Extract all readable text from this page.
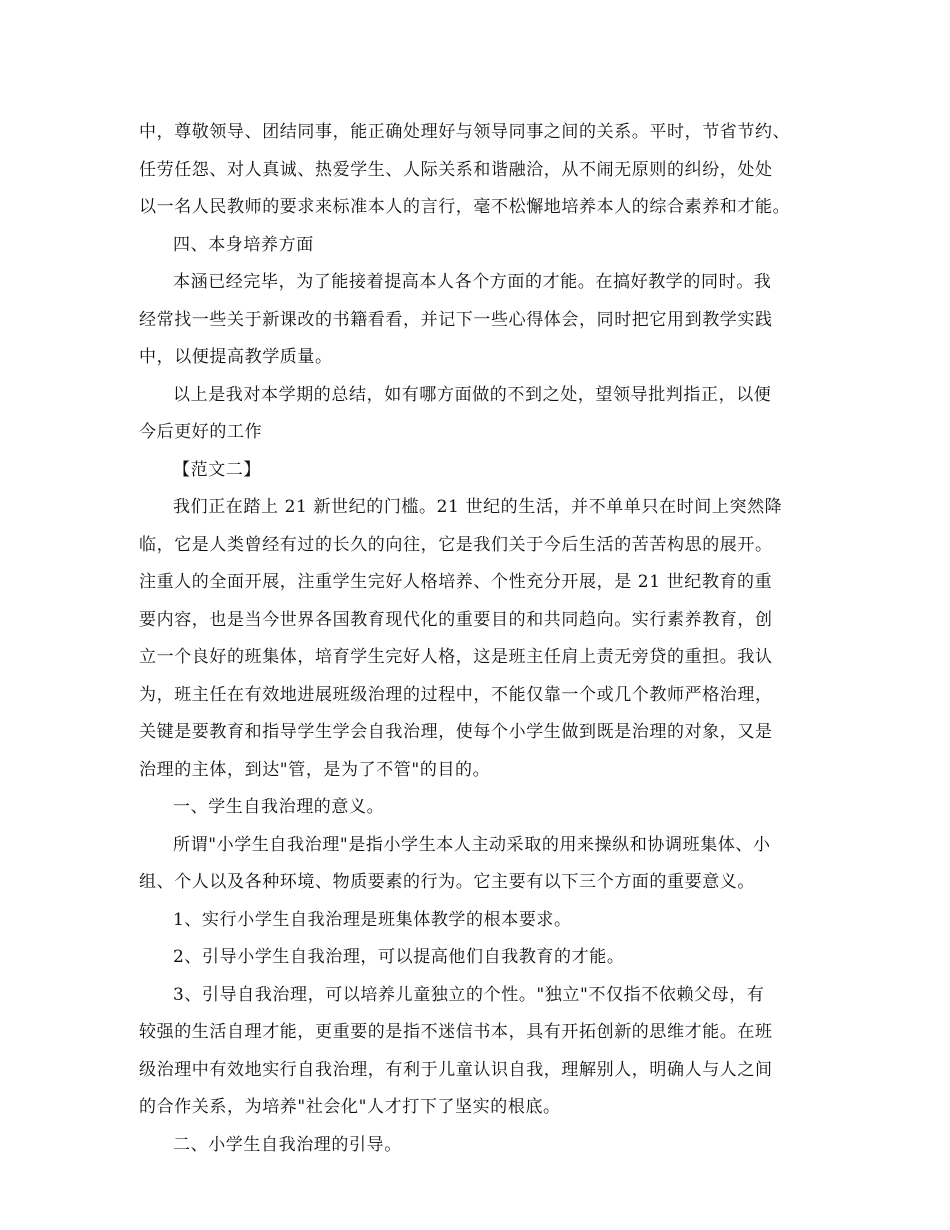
中，尊敬领导、团结同事，能正确处理好与领导同事之间的关系。平时，节省节约、
任劳任怨、对人真诚、热爱学生、人际关系和谐融洽，从不闹无原则的纠纷，处处
以一名人民教师的要求来标准本人的言行，毫不松懈地培养本人的综合素养和才能。
四、本身培养方面
本涵已经完毕，为了能接着提高本人各个方面的才能。在搞好教学的同时。我
经常找一些关于新课改的书籍看看，并记下一些心得体会，同时把它用到教学实践
中，以便提高教学质量。
以上是我对本学期的总结，如有哪方面做的不到之处，望领导批判指正，以便
今后更好的工作
【范文二】
我们正在踏上 21 新世纪的门槛。21 世纪的生活，并不单单只在时间上突然降
临，它是人类曾经有过的长久的向往，它是我们关于今后生活的苦苦构思的展开。
注重人的全面开展，注重学生完好人格培养、个性充分开展，是 21 世纪教育的重
要内容，也是当今世界各国教育现代化的重要目的和共同趋向。实行素养教育，创
立一个良好的班集体，培育学生完好人格，这是班主任肩上责无旁贷的重担。我认
为，班主任在有效地进展班级治理的过程中，不能仅靠一个或几个教师严格治理，
关键是要教育和指导学生学会自我治理，使每个小学生做到既是治理的对象，又是
治理的主体，到达"管，是为了不管"的目的。
一、学生自我治理的意义。
所谓"小学生自我治理"是指小学生本人主动采取的用来操纵和协调班集体、小
组、个人以及各种环境、物质要素的行为。它主要有以下三个方面的重要意义。
1、实行小学生自我治理是班集体教学的根本要求。
2、引导小学生自我治理，可以提高他们自我教育的才能。
3、引导自我治理，可以培养儿童独立的个性。"独立"不仅指不依赖父母，有
较强的生活自理才能，更重要的是指不迷信书本，具有开拓创新的思维才能。在班
级治理中有效地实行自我治理，有利于儿童认识自我，理解别人，明确人与人之间
的合作关系，为培养"社会化"人才打下了坚实的根底。
二、小学生自我治理的引导。
